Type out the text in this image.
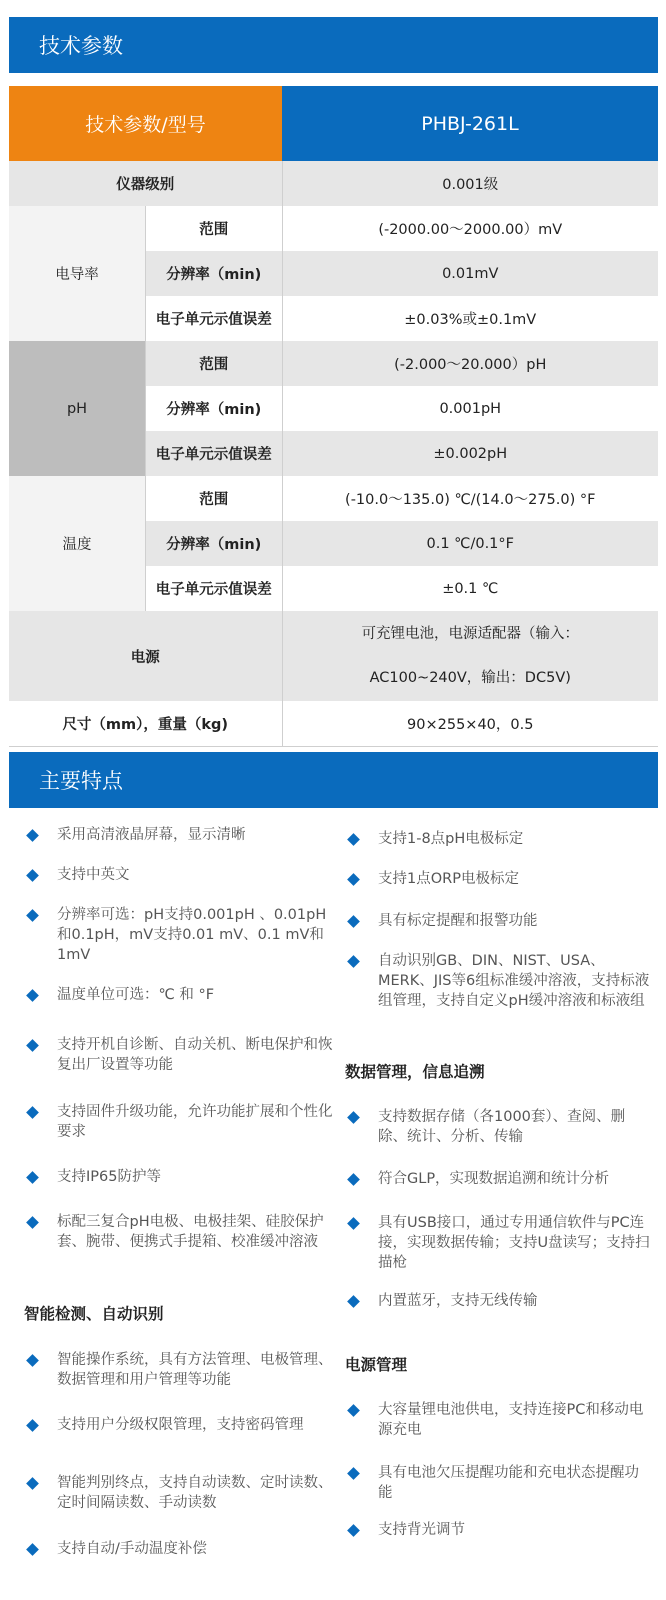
技术参数
技术参数/型号		PHBJ-261L
仪器级别		0.001级
电导率	范围	(-2000.00～2000.00）mV
	分辨率（min)	0.01mV
	电子单元示值误差	±0.03%或±0.1mV
pH	范围	(-2.000～20.000）pH
	分辨率（min)	0.001pH
	电子单元示值误差	±0.002pH
温度	范围	(-10.0～135.0) ℃/(14.0～275.0) °F
	分辨率（min)	0.1 ℃/0.1°F
	电子单元示值误差	±0.1 ℃
电源		可充锂电池，电源适配器（输入：
AC100~240V，输出：DC5V)

尺寸（mm），重量（kg)		90×255×40，0.5
主要特点
采用高清液晶屏幕，显示清晰
支持中英文
分辨率可选：pH支持0.001pH 、0.01pH和0.1pH，mV支持0.01 mV、0.1 mV和1mV
温度单位可选：℃ 和 °F
支持开机自诊断、自动关机、断电保护和恢复出厂设置等功能
支持固件升级功能，允许功能扩展和个性化要求
支持IP65防护等
标配三复合pH电极、电极挂架、硅胶保护套、腕带、便携式手提箱、校准缓冲溶液
智能检测、自动识别
智能操作系统，具有方法管理、电极管理、数据管理和用户管理等功能
支持用户分级权限管理，支持密码管理
智能判别终点，支持自动读数、定时读数、定时间隔读数、手动读数
支持自动/手动温度补偿
支持1-8点pH电极标定
支持1点ORP电极标定
具有标定提醒和报警功能
自动识别GB、DIN、NIST、USA、MERK、JIS等6组标准缓冲溶液，支持标液组管理，支持自定义pH缓冲溶液和标液组
数据管理，信息追溯
支持数据存储（各1000套）、查阅、删除、统计、分析、传输
符合GLP，实现数据追溯和统计分析
具有USB接口，通过专用通信软件与PC连接，实现数据传输；支持U盘读写；支持扫描枪
内置蓝牙，支持无线传输
电源管理
大容量锂电池供电，支持连接PC和移动电源充电
具有电池欠压提醒功能和充电状态提醒功能
支持背光调节
